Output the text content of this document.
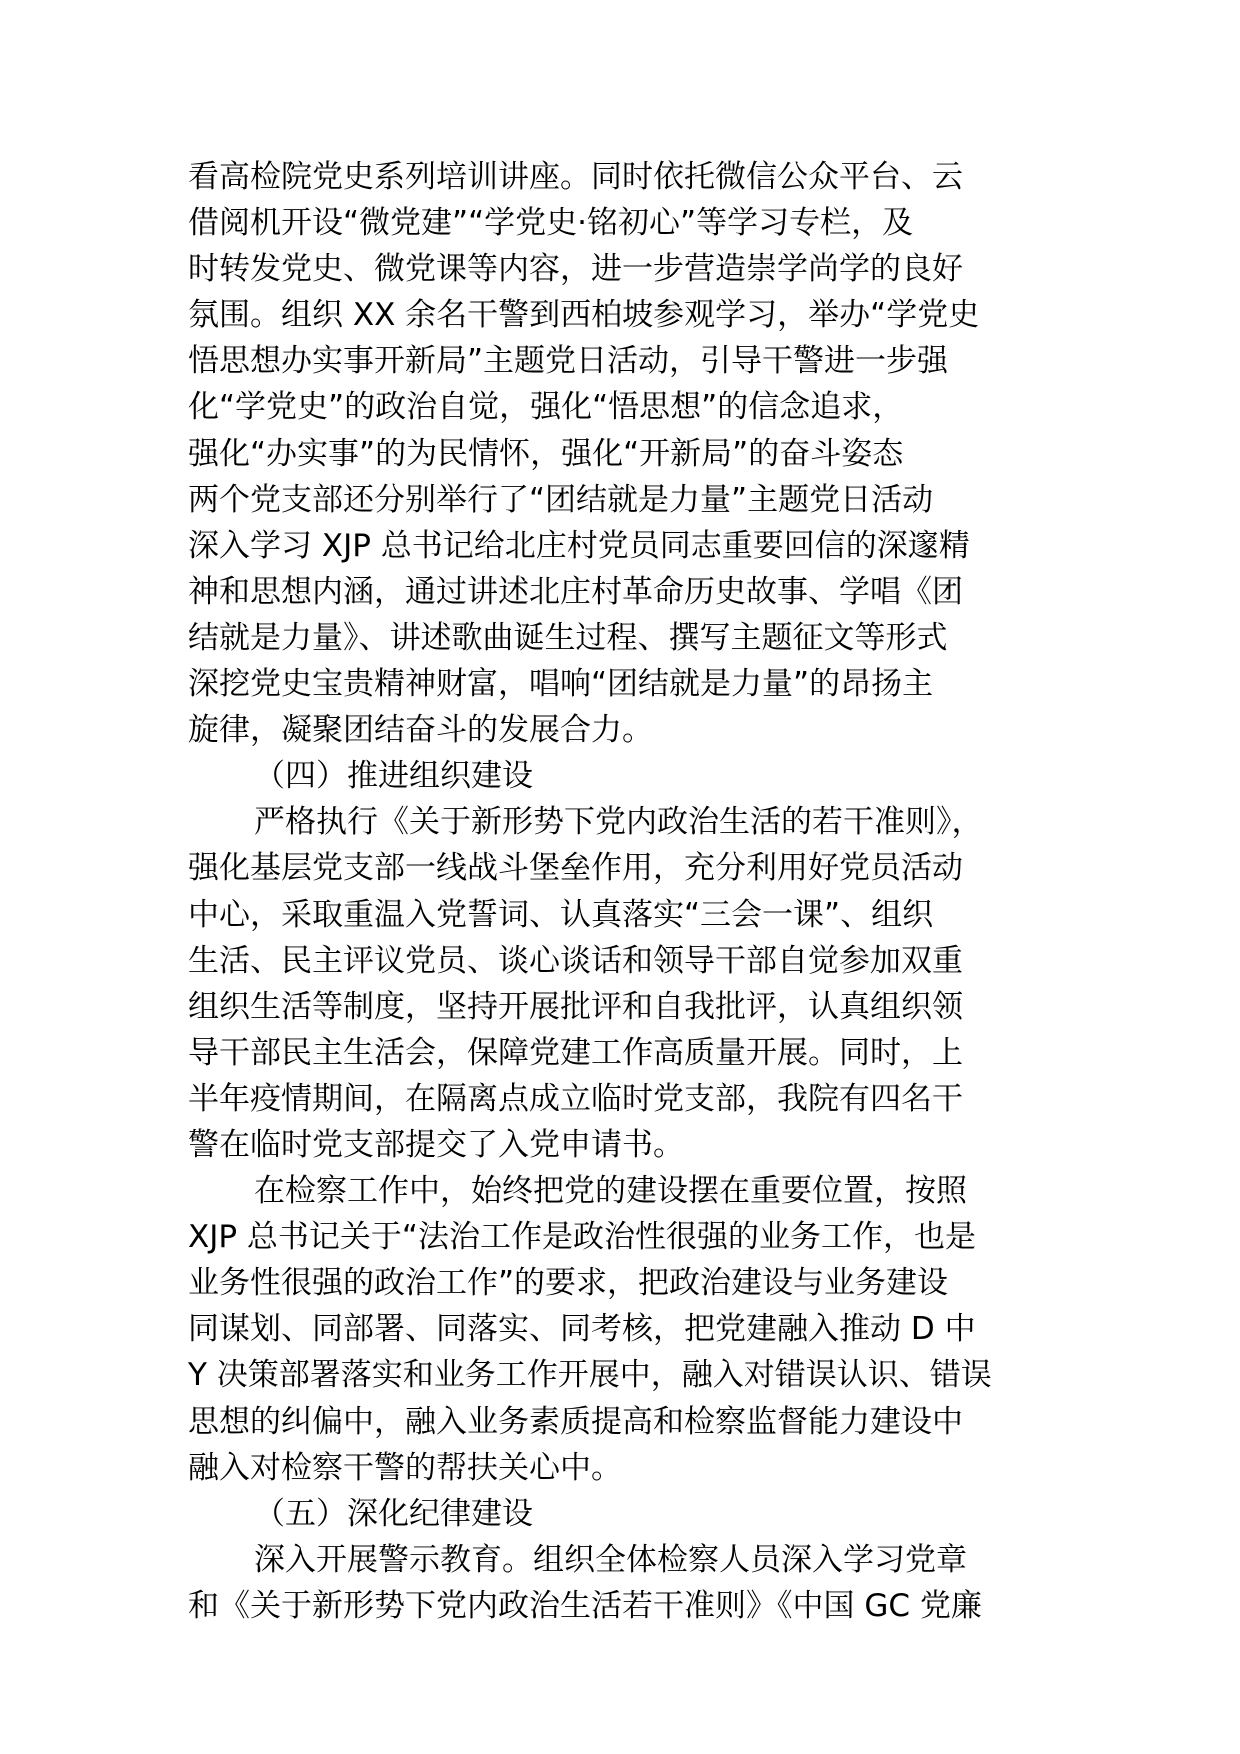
看高检院党史系列培训讲座。同时依托微信公众平台、云
借阅机开设“微党建”“学党史·铭初心”等学习专栏，及
时转发党史、微党课等内容，进一步营造崇学尚学的良好
氛围。组织 XX 余名干警到西柏坡参观学习，举办“学党史
悟思想办实事开新局”主题党日活动，引导干警进一步强
化“学党史”的政治自觉，强化“悟思想”的信念追求，
强化“办实事”的为民情怀，强化“开新局”的奋斗姿态
两个党支部还分别举行了“团结就是力量”主题党日活动
深入学习 XJP 总书记给北庄村党员同志重要回信的深邃精
神和思想内涵，通过讲述北庄村革命历史故事、学唱《团
结就是力量》、讲述歌曲诞生过程、撰写主题征文等形式
深挖党史宝贵精神财富，唱响“团结就是力量”的昂扬主
旋律，凝聚团结奋斗的发展合力。
（四）推进组织建设
严格执行《关于新形势下党内政治生活的若干准则》，
强化基层党支部一线战斗堡垒作用，充分利用好党员活动
中心，采取重温入党誓词、认真落实“三会一课”、组织
生活、民主评议党员、谈心谈话和领导干部自觉参加双重
组织生活等制度，坚持开展批评和自我批评，认真组织领
导干部民主生活会，保障党建工作高质量开展。同时，上
半年疫情期间，在隔离点成立临时党支部，我院有四名干
警在临时党支部提交了入党申请书。
在检察工作中，始终把党的建设摆在重要位置，按照
XJP 总书记关于“法治工作是政治性很强的业务工作，也是
业务性很强的政治工作”的要求，把政治建设与业务建设
同谋划、同部署、同落实、同考核，把党建融入推动 D 中
Y 决策部署落实和业务工作开展中，融入对错误认识、错误
思想的纠偏中，融入业务素质提高和检察监督能力建设中
融入对检察干警的帮扶关心中。
（五）深化纪律建设
深入开展警示教育。组织全体检察人员深入学习党章
和《关于新形势下党内政治生活若干准则》《中国 GC 党廉
